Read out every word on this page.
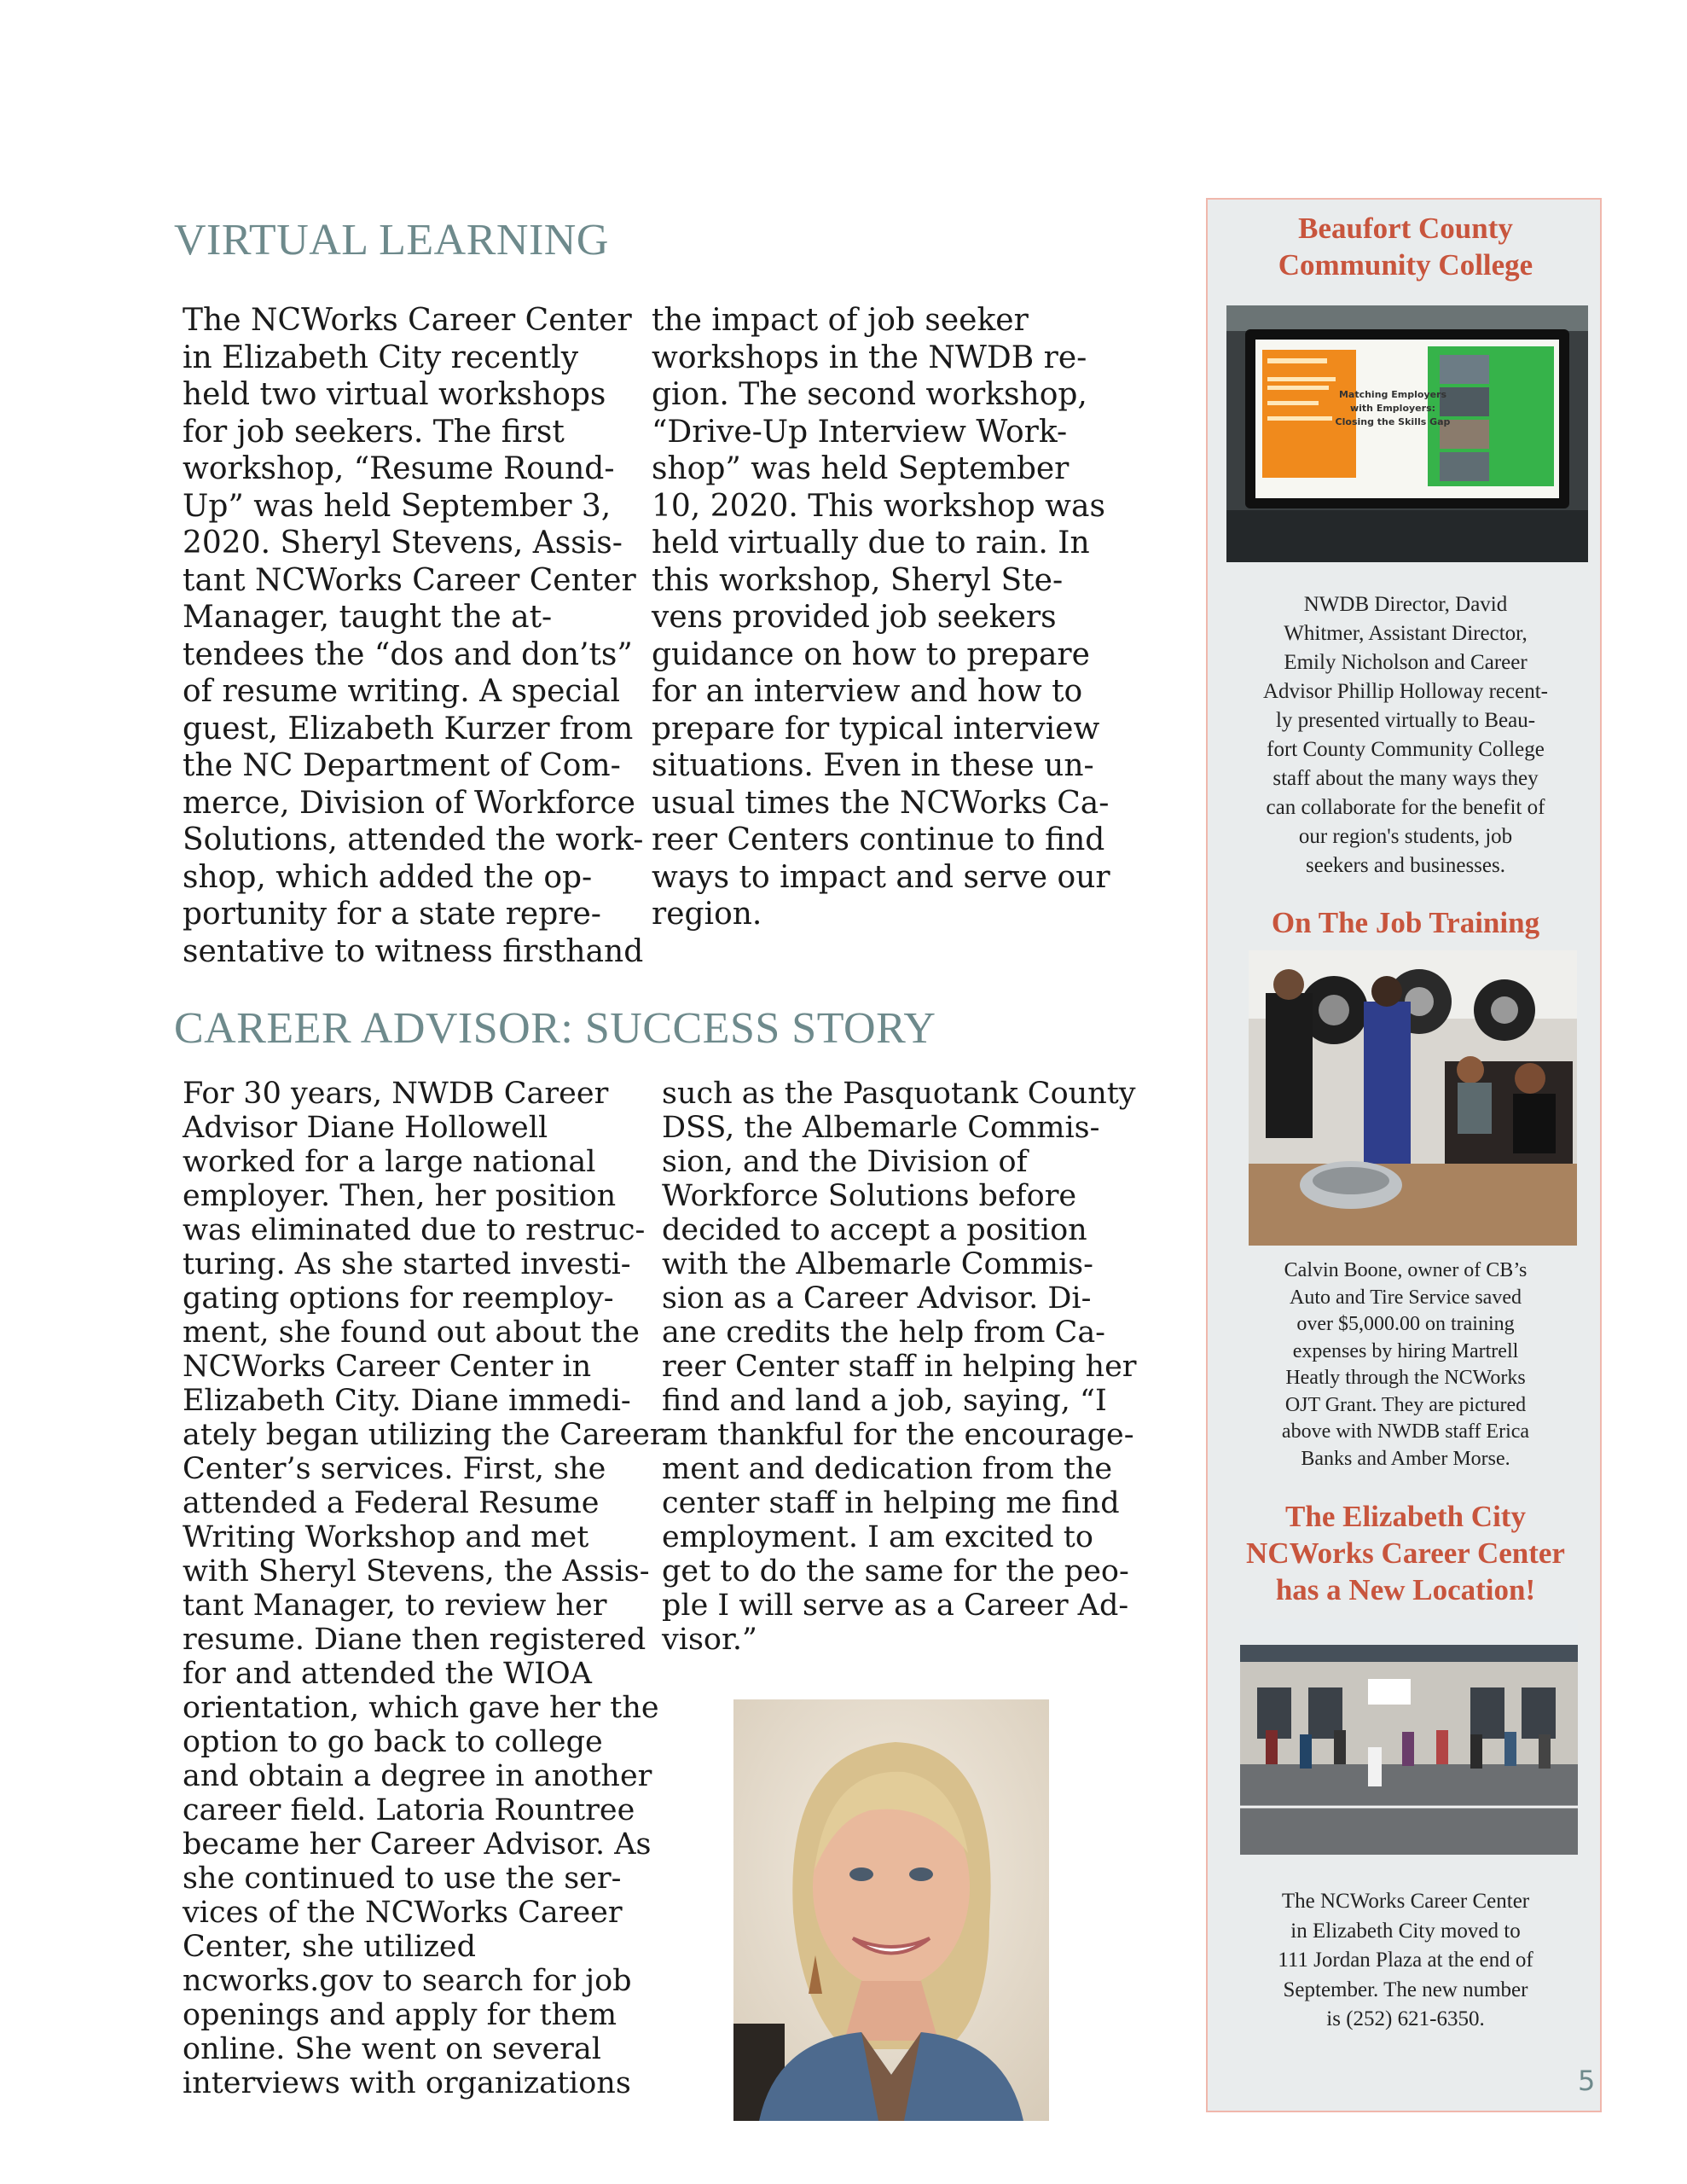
VIRTUAL LEARNING
The NCWorks Career Center
in Elizabeth City recently
held two virtual workshops
for job seekers. The first
workshop, “Resume Round-
Up” was held September 3,
2020. Sheryl Stevens, Assis-
tant NCWorks Career Center
Manager, taught the at-
tendees the “dos and don’ts”
of resume writing. A special
guest, Elizabeth Kurzer from
the NC Department of Com-
merce, Division of Workforce
Solutions, attended the work-
shop, which added the op-
portunity for a state repre-
sentative to witness firsthand
the impact of job seeker
workshops in the NWDB re-
gion. The second workshop,
“Drive-Up Interview Work-
shop” was held September
10, 2020. This workshop was
held virtually due to rain. In
this workshop, Sheryl Ste-
vens provided job seekers
guidance on how to prepare
for an interview and how to
prepare for typical interview
situations. Even in these un-
usual times the NCWorks Ca-
reer Centers continue to find
ways to impact and serve our
region.
CAREER ADVISOR: SUCCESS STORY
For 30 years, NWDB Career
Advisor Diane Hollowell
worked for a large national
employer. Then, her position
was eliminated due to restruc-
turing. As she started investi-
gating options for reemploy-
ment, she found out about the
NCWorks Career Center in
Elizabeth City. Diane immedi-
ately began utilizing the Career
Center’s services. First, she
attended a Federal Resume
Writing Workshop and met
with Sheryl Stevens, the Assis-
tant Manager, to review her
resume. Diane then registered
for and attended the WIOA
orientation, which gave her the
option to go back to college
and obtain a degree in another
career field. Latoria Rountree
became her Career Advisor. As
she continued to use the ser-
vices of the NCWorks Career
Center, she utilized
ncworks.gov to search for job
openings and apply for them
online. She went on several
interviews with organizations
such as the Pasquotank County
DSS, the Albemarle Commis-
sion, and the Division of
Workforce Solutions before
decided to accept a position
with the Albemarle Commis-
sion as a Career Advisor. Di-
ane credits the help from Ca-
reer Center staff in helping her
find and land a job, saying, “I
am thankful for the encourage-
ment and dedication from the
center staff in helping me find
employment. I am excited to
get to do the same for the peo-
ple I will serve as a Career Ad-
visor.”
Beaufort County
Community College
Matching Employers
with Employers:
Closing the Skills Gap
NWDB Director, David
Whitmer, Assistant Director,
Emily Nicholson and Career
Advisor Phillip Holloway recent-
ly presented virtually to Beau-
fort County Community College
staff about the many ways they
can collaborate for the benefit of
our region's students, job
seekers and businesses.
On The Job Training
Calvin Boone, owner of CB’s
Auto and Tire Service saved
over $5,000.00 on training
expenses by hiring Martrell
Heatly through the NCWorks
OJT Grant. They are pictured
above with NWDB staff Erica
Banks and Amber Morse.
The Elizabeth City
NCWorks Career Center
has a New Location!
The NCWorks Career Center
in Elizabeth City moved to
111 Jordan Plaza at the end of
September. The new number
is (252) 621-6350.
5
